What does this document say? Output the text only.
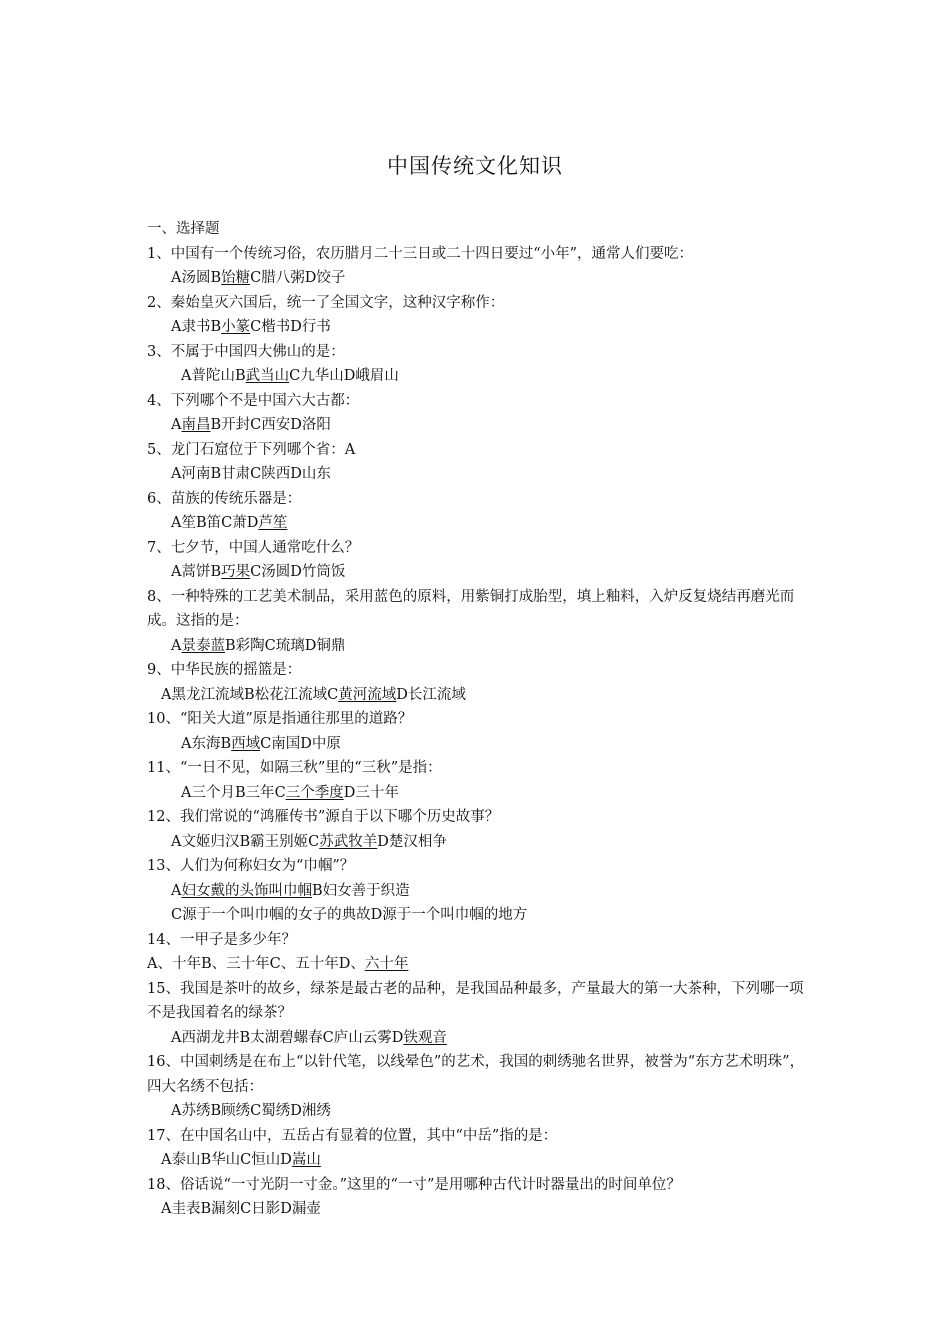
中国传统文化知识
一、选择题
1、中国有一个传统习俗，农历腊月二十三日或二十四日要过“小年”，通常人们要吃：
A汤圆B饴糖C腊八粥D饺子
2、秦始皇灭六国后，统一了全国文字，这种汉字称作：
A隶书B小篆C楷书D行书
3、不属于中国四大佛山的是：
A普陀山B武当山C九华山D峨眉山
4、下列哪个不是中国六大古都：
A南昌B开封C西安D洛阳
5、龙门石窟位于下列哪个省：A
A河南B甘肃C陕西D山东
6、苗族的传统乐器是：
A笙B笛C萧D芦笙
7、七夕节，中国人通常吃什么？
A蒿饼B巧果C汤圆D竹筒饭
8、一种特殊的工艺美术制品，采用蓝色的原料，用紫铜打成胎型，填上釉料，入炉反复烧结再磨光而成。这指的是：
A景泰蓝B彩陶C琉璃D铜鼎
9、中华民族的摇篮是：
A黑龙江流域B松花江流域C黄河流域D长江流域
10、“阳关大道”原是指通往那里的道路？
A东海B西域C南国D中原
11、“一日不见，如隔三秋”里的“三秋”是指：
A三个月B三年C三个季度D三十年
12、我们常说的“鸿雁传书”源自于以下哪个历史故事？
A文姬归汉B霸王别姬C苏武牧羊D楚汉相争
13、人们为何称妇女为“巾帼”？
A妇女戴的头饰叫巾帼B妇女善于织造
C源于一个叫巾帼的女子的典故D源于一个叫巾帼的地方
14、一甲子是多少年？
A、十年B、三十年C、五十年D、六十年
15、我国是茶叶的故乡，绿茶是最古老的品种，是我国品种最多，产量最大的第一大茶种，下列哪一项不是我国着名的绿茶？
A西湖龙井B太湖碧螺春C庐山云雾D铁观音
16、中国刺绣是在布上“以针代笔，以线晕色”的艺术，我国的刺绣驰名世界，被誉为“东方艺术明珠”，四大名绣不包括：
A苏绣B顾绣C蜀绣D湘绣
17、在中国名山中，五岳占有显着的位置，其中“中岳”指的是：
A泰山B华山C恒山D嵩山
18、俗话说“一寸光阴一寸金。”这里的“一寸”是用哪种古代计时器量出的时间单位？
A圭表B漏刻C日影D漏壶
